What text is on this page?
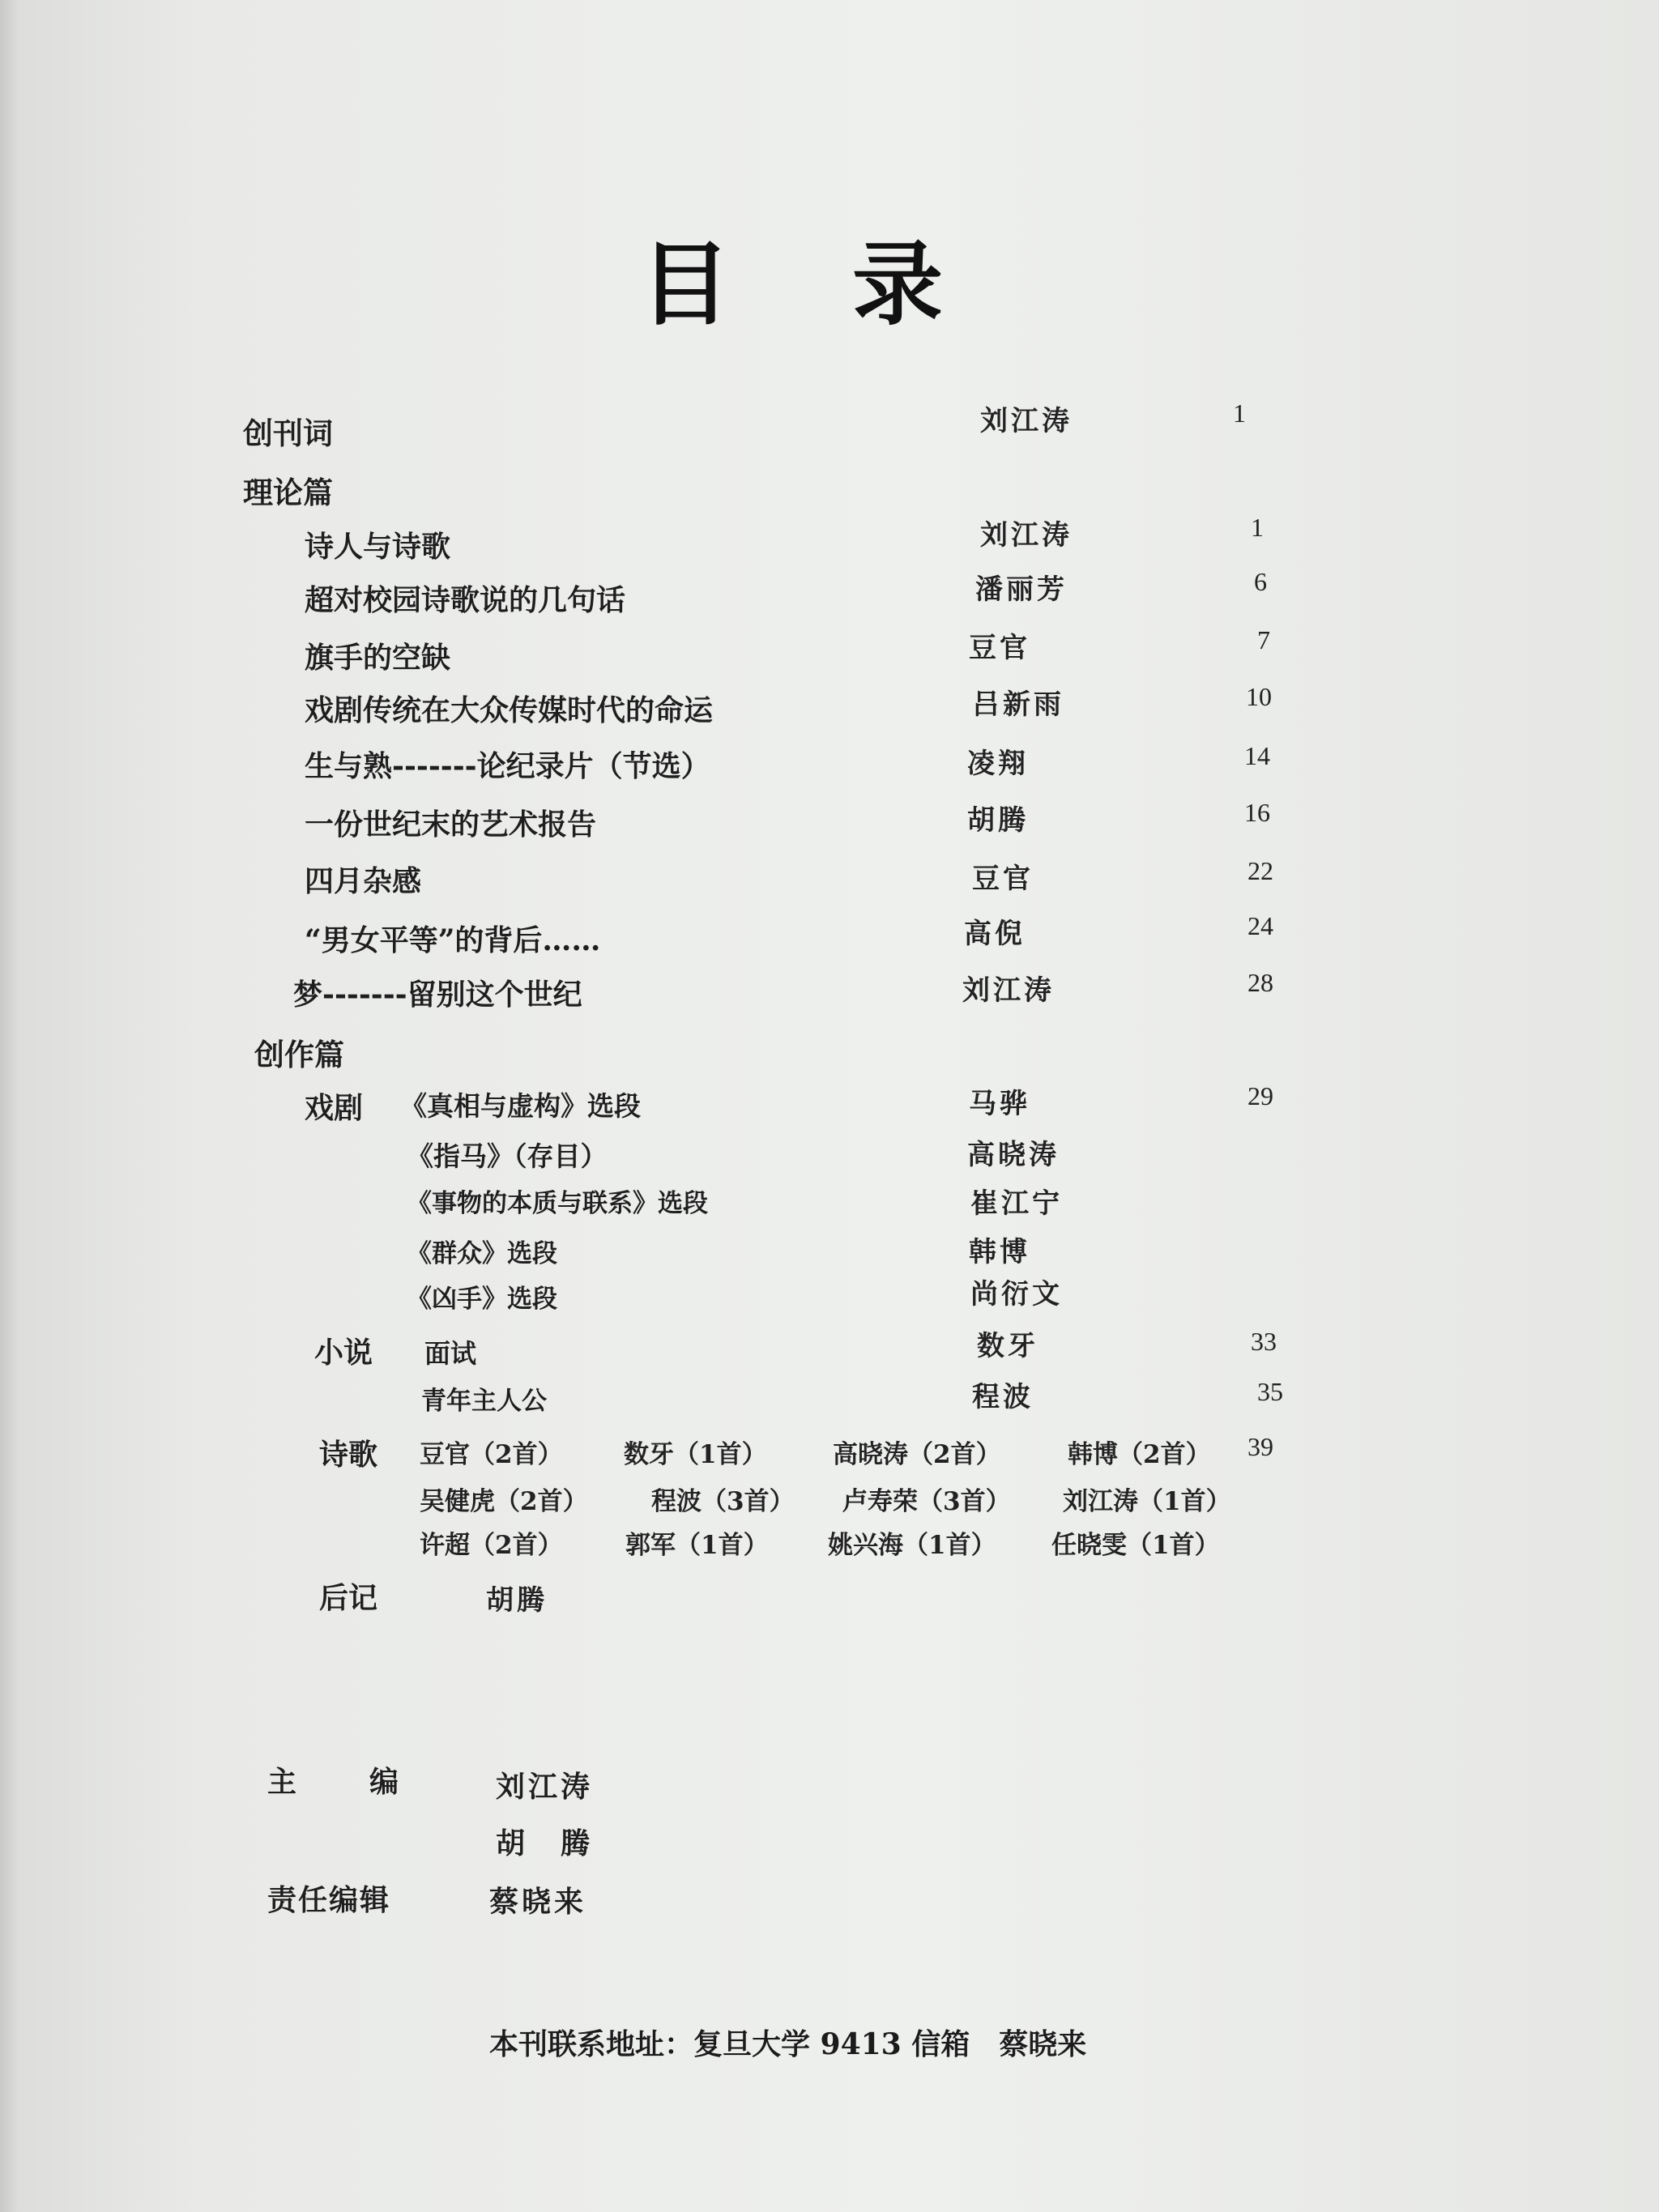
目录
创刊词	刘江涛	1
理论篇
诗人与诗歌	刘江涛	1
超对校园诗歌说的几句话	潘丽芳	6
旗手的空缺	豆官	7
戏剧传统在大众传媒时代的命运	吕新雨	10
生与熟-------论纪录片（节选）	凌翔	14
一份世纪末的艺术报告	胡腾	16
四月杂感	豆官	22
“男女平等”的背后……	高倪	24
梦-------留别这个世纪	刘江涛	28
创作篇
戏剧 《真相与虚构》选段	马骅	29
《指马》（存目）	高晓涛
《事物的本质与联系》选段	崔江宁
《群众》选段	韩博
《凶手》选段	尚衍文
小说 面试	数牙	33
青年主人公	程波	35
诗歌	39
豆官（2首） 数牙（1首）	高晓涛（2首）	韩博（2首）
吴健虎（2首）	程波（3首） 卢寿荣（3首） 刘江涛（1首）
许超（2首） 郭军（1首） 姚兴海（1首） 任晓雯（1首）
后记	胡腾
主　　编	刘江涛
胡　腾
责任编辑	蔡晓来
本刊联系地址：复旦大学 9413 信箱　蔡晓来
